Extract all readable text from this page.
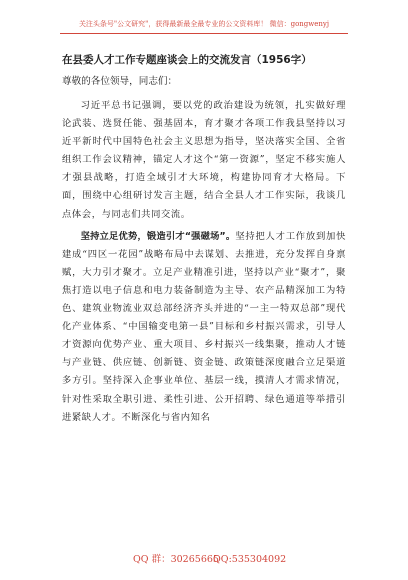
关注头条号"公文研究"，获得最新最全最专业的公文资料库！ 微信：gongwenyj
在县委人才工作专题座谈会上的交流发言（1956字）
尊敬的各位领导，同志们：

习近平总书记强调，要以党的政治建设为统领，扎实做好理论武装、选贤任能、强基固本，育才聚才各项工作我县坚持以习近平新时代中国特色社会主义思想为指导，坚决落实全国、全省组织工作会议精神，锚定人才这个“第一资源”，坚定不移实施人才强县战略，打造全域引才大环境，构建协同育才大格局。下面，围绕中心组研讨发言主题，结合全县人才工作实际，我谈几点体会，与同志们共同交流。

坚持立足优势，锻造引才“强磁场”。坚持把人才工作放到加快建成“四区一花园”战略布局中去谋划、去推进，充分发挥自身禀赋，大力引才聚才。立足产业精准引进，坚持以产业“聚才”，聚焦打造以电子信息和电力装备制造为主导、农产品精深加工为特色、建筑业物流业双总部经济齐头并进的“一主一特双总部”现代化产业体系、“中国输变电第一县”目标和乡村振兴需求，引导人才资源向优势产业、重大项目、乡村振兴一线集聚，推动人才链与产业链、供应链、创新链、资金链、政策链深度融合立足渠道多方引。坚持深入企事业单位、基层一线，摸清人才需求情况，针对性采取全职引进、柔性引进、公开招聘、绿色通道等举措引进紧缺人才。不断深化与省内知名

QQ 群：30265665
QQ:535304092
